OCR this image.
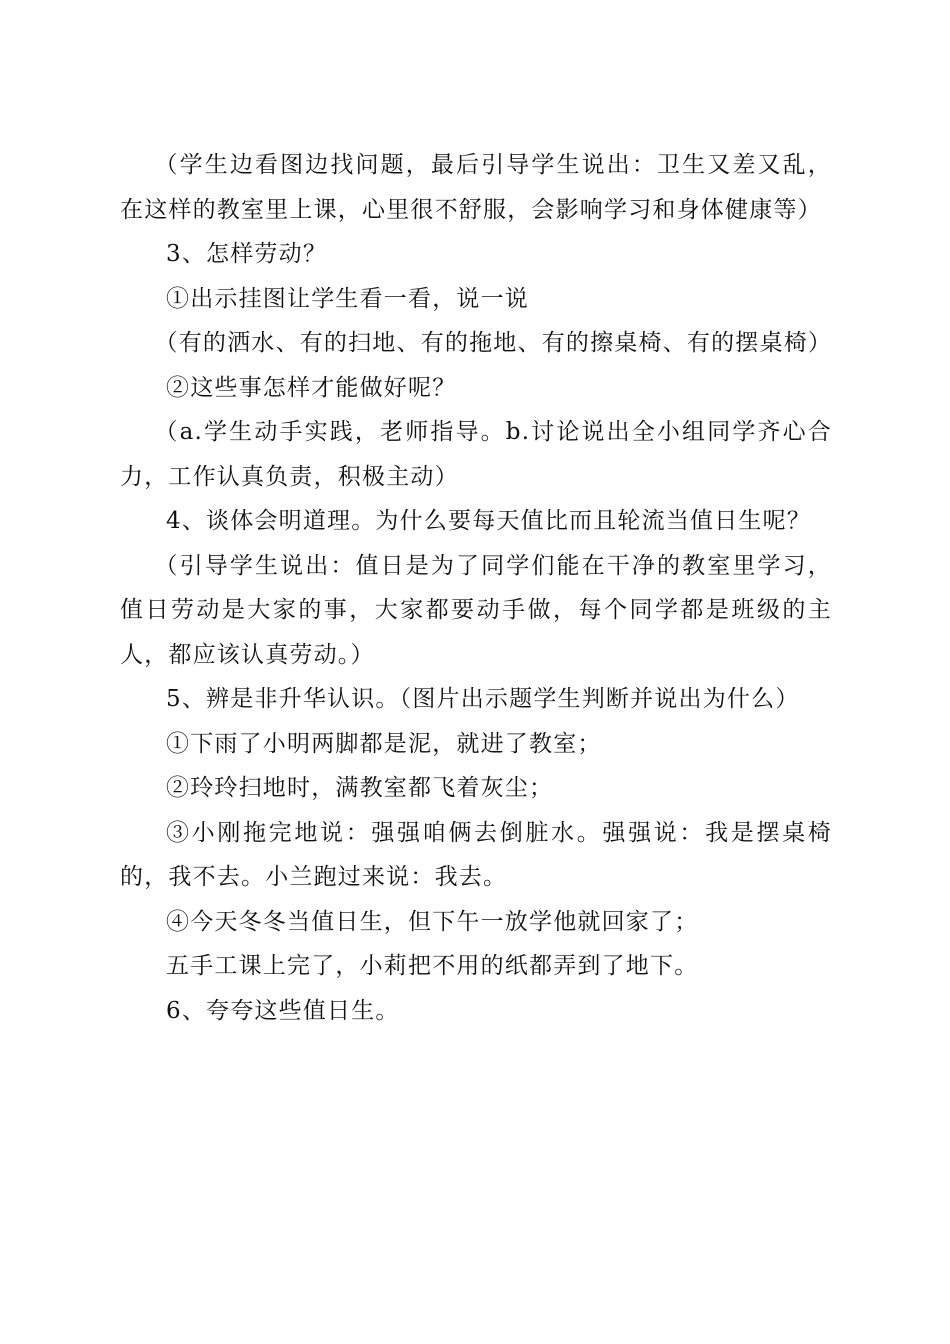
（学生边看图边找问题，最后引导学生说出：卫生又差又乱，在这样的教室里上课，心里很不舒服，会影响学习和身体健康等）

3、怎样劳动？

①出示挂图让学生看一看，说一说

（有的洒水、有的扫地、有的拖地、有的擦桌椅、有的摆桌椅）

②这些事怎样才能做好呢？

（a.学生动手实践，老师指导。b.讨论说出全小组同学齐心合力，工作认真负责，积极主动）

4、谈体会明道理。为什么要每天值比而且轮流当值日生呢？

（引导学生说出：值日是为了同学们能在干净的教室里学习，值日劳动是大家的事，大家都要动手做，每个同学都是班级的主人，都应该认真劳动。）

5、辨是非升华认识。（图片出示题学生判断并说出为什么）

①下雨了小明两脚都是泥，就进了教室；

②玲玲扫地时，满教室都飞着灰尘；

③小刚拖完地说：强强咱俩去倒脏水。强强说：我是摆桌椅的，我不去。小兰跑过来说：我去。

④今天冬冬当值日生，但下午一放学他就回家了；

五手工课上完了，小莉把不用的纸都弄到了地下。

6、夸夸这些值日生。
